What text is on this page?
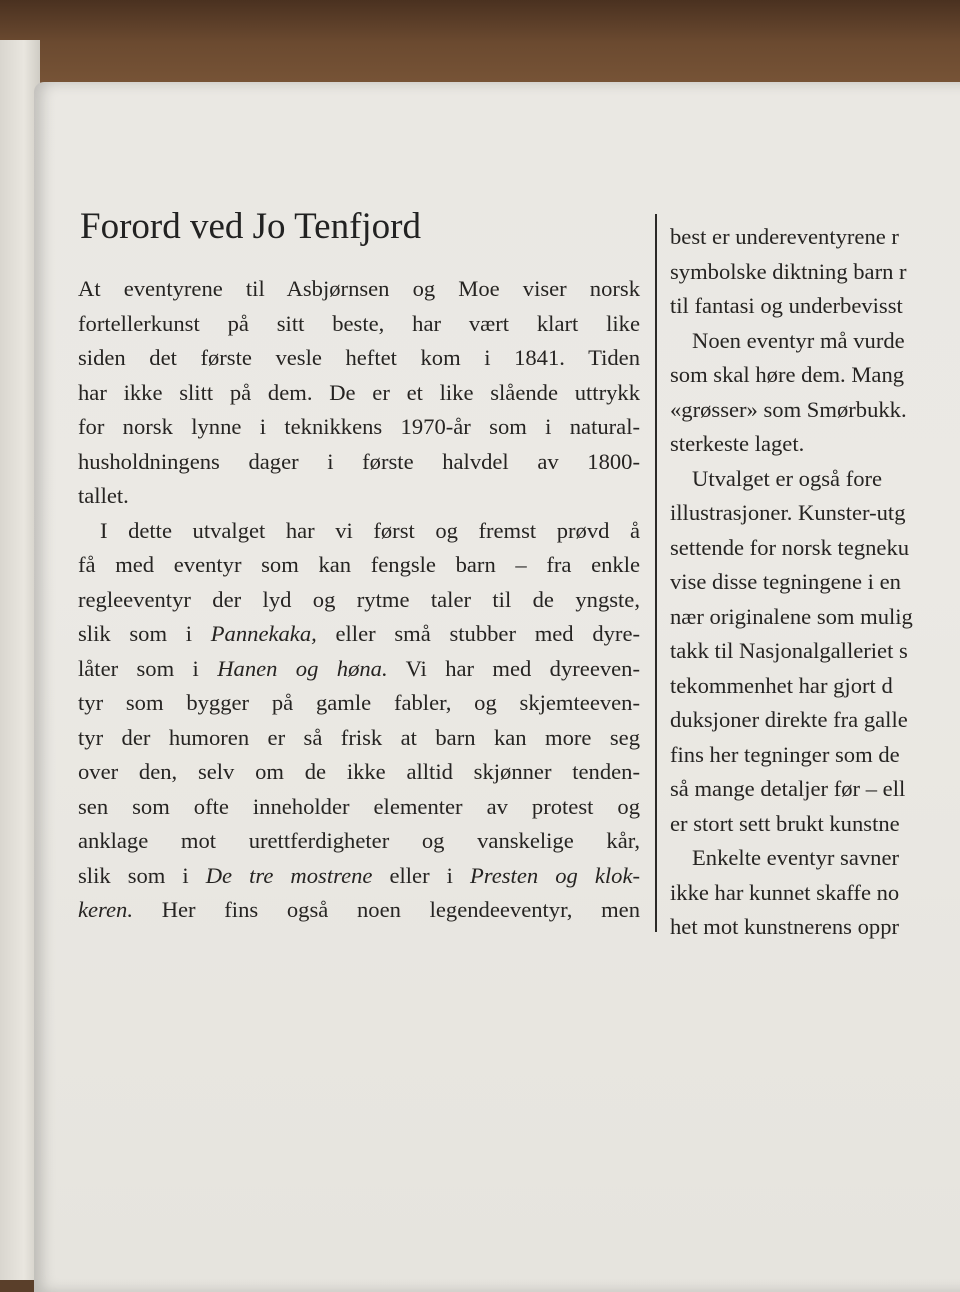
Forord ved Jo Tenfjord
At eventyrene til Asbjørnsen og Moe viser norsk
fortellerkunst på sitt beste, har vært klart like
siden det første vesle heftet kom i 1841. Tiden
har ikke slitt på dem. De er et like slående uttrykk
for norsk lynne i teknikkens 1970-år som i natural-
husholdningens dager i første halvdel av 1800-
tallet.
I dette utvalget har vi først og fremst prøvd å
få med eventyr som kan fengsle barn – fra enkle
regleeventyr der lyd og rytme taler til de yngste,
slik som i Pannekaka, eller små stubber med dyre-
låter som i Hanen og høna. Vi har med dyreeven-
tyr som bygger på gamle fabler, og skjemteeven-
tyr der humoren er så frisk at barn kan more seg
over den, selv om de ikke alltid skjønner tenden-
sen som ofte inneholder elementer av protest og
anklage mot urettferdigheter og vanskelige kår,
slik som i De tre mostrene eller i Presten og klok-
keren. Her fins også noen legendeeventyr, men
best er undereventyrene r
symbolske diktning barn r
til fantasi og underbevisst
Noen eventyr må vurde
som skal høre dem. Mang
«grøsser» som Smørbukk.
sterkeste laget.
Utvalget er også fore
illustrasjoner. Kunster-utg
settende for norsk tegneku
vise disse tegningene i en
nær originalene som mulig
takk til Nasjonalgalleriet s
tekommenhet har gjort d
duksjoner direkte fra galle
fins her tegninger som de
så mange detaljer før – ell
er stort sett brukt kunstne
Enkelte eventyr savner
ikke har kunnet skaffe no
het mot kunstnerens oppr
